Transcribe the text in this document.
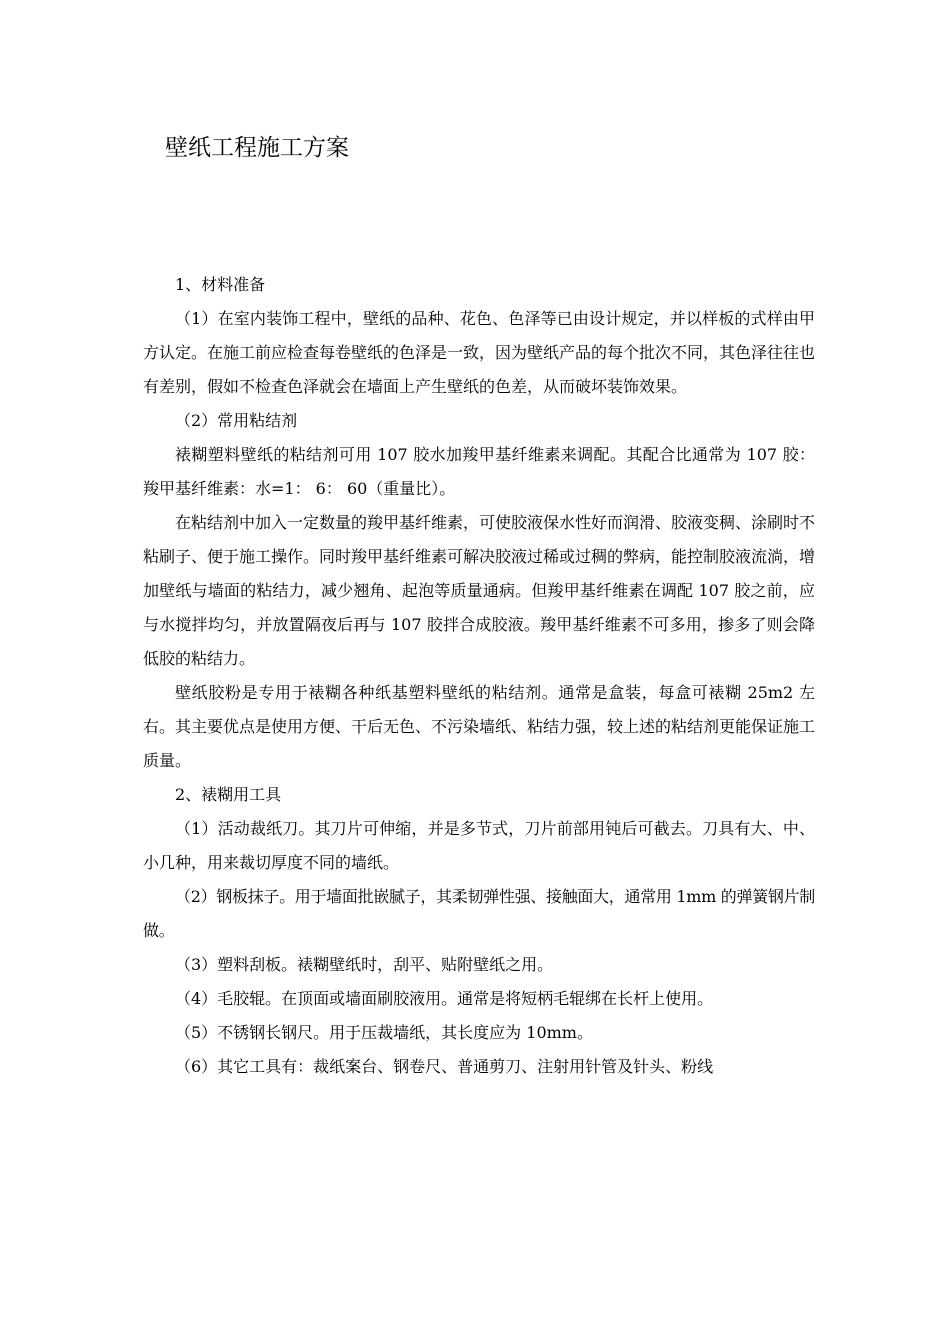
壁纸工程施工方案

1、材料准备

（1）在室内装饰工程中，壁纸的品种、花色、色泽等已由设计规定，并以样板的式样由甲方认定。在施工前应检查每卷壁纸的色泽是一致，因为壁纸产品的每个批次不同，其色泽往往也有差别，假如不检查色泽就会在墙面上产生壁纸的色差，从而破坏装饰效果。

（2）常用粘结剂

裱糊塑料壁纸的粘结剂可用 107 胶水加羧甲基纤维素来调配。其配合比通常为 107 胶：羧甲基纤维素：水=1： 6： 60（重量比）。

在粘结剂中加入一定数量的羧甲基纤维素，可使胶液保水性好而润滑、胶液变稠、涂刷时不粘刷子、便于施工操作。同时羧甲基纤维素可解决胶液过稀或过稠的弊病，能控制胶液流淌，增加壁纸与墙面的粘结力，减少翘角、起泡等质量通病。但羧甲基纤维素在调配 107 胶之前，应与水搅拌均匀，并放置隔夜后再与 107 胶拌合成胶液。羧甲基纤维素不可多用，掺多了则会降低胶的粘结力。

壁纸胶粉是专用于裱糊各种纸基塑料壁纸的粘结剂。通常是盒装，每盒可裱糊 25m2 左右。其主要优点是使用方便、干后无色、不污染墙纸、粘结力强，较上述的粘结剂更能保证施工质量。

2、裱糊用工具

（1）活动裁纸刀。其刀片可伸缩，并是多节式，刀片前部用钝后可截去。刀具有大、中、小几种，用来裁切厚度不同的墙纸。

（2）钢板抹子。用于墙面批嵌腻子，其柔韧弹性强、接触面大，通常用 1mm 的弹簧钢片制做。

（3）塑料刮板。裱糊壁纸时，刮平、贴附壁纸之用。

（4）毛胶辊。在顶面或墙面刷胶液用。通常是将短柄毛辊绑在长杆上使用。

（5）不锈钢长钢尺。用于压裁墙纸，其长度应为 10mm。

（6）其它工具有：裁纸案台、钢卷尺、普通剪刀、注射用针管及针头、粉线
